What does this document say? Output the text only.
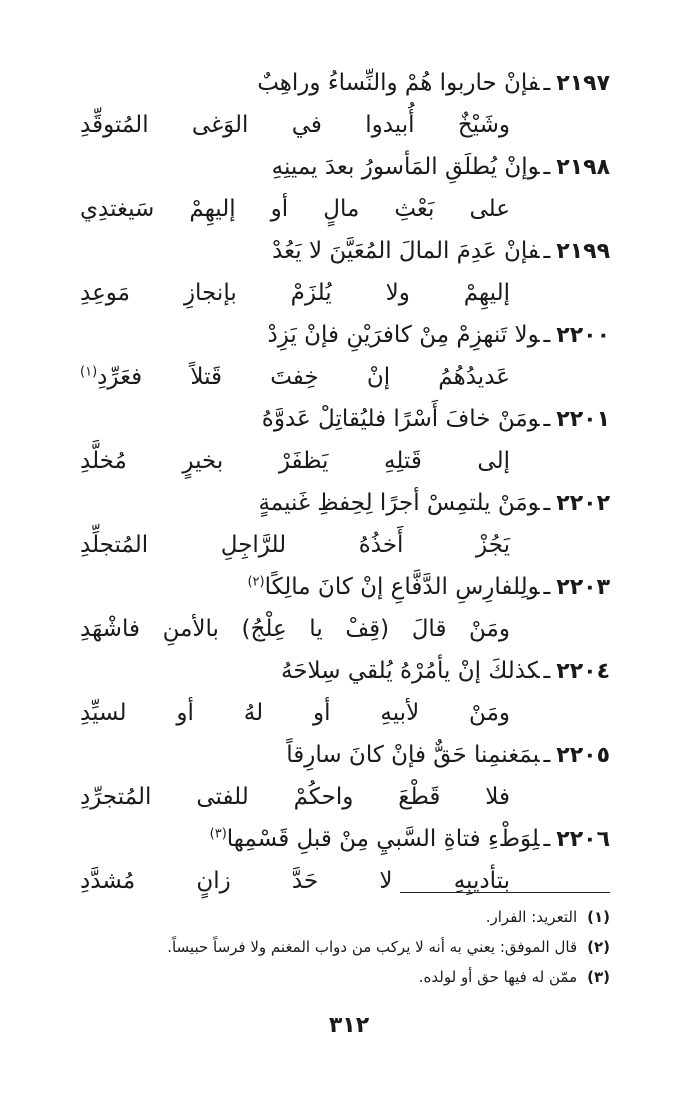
٢١٩٧ـفإنْ حاربوا هُمْ والنِّساءُ وراهِبٌ
وشَيْخٌ أُبيدوا في الوَغى المُتوقِّدِ
٢١٩٨ـوإنْ يُطلَقِ المَأسورُ بعدَ يمينِهِ
على بَعْثِ مالٍ أو إليهِمْ سَيغتدِي
٢١٩٩ـفإنْ عَدِمَ المالَ المُعَيَّنَ لا يَعُدْ
إليهِمْ ولا يُلزَمْ بإنجازِ مَوعِدِ
٢٢٠٠ـولا تَنهزِمْ مِنْ كافرَيْنِ فإنْ يَزِدْ
عَديدُهُمُ إنْ خِفتَ قَتلاً فعَرِّدِ$^{(١)}$
٢٢٠١ـومَنْ خافَ أَسْرًا فليُقاتِلْ عَدوَّهُ
إلى قَتلِهِ يَظفَرْ بخيرٍ مُخلَّدِ
٢٢٠٢ـومَنْ يلتمِسْ أجرًا لِحِفظِ غَنيمةٍ
يَجُزْ أَخذُهُ للرَّاجِلِ المُتجلِّدِ
٢٢٠٣ـولِلفارِسِ الدَّفَّاعِ إنْ كانَ مالِكًا$^{(٢)}$
ومَنْ قالَ (قِفْ يا عِلْجُ) بالأمنِ فاشْهَدِ
٢٢٠٤ـكذلكَ إنْ يأمُرْهُ يُلقي سِلاحَهُ
ومَنْ لأبيهِ أو لهُ أو لسيِّدِ
٢٢٠٥ـبمَغنمِنا حَقٌّ فإنْ كانَ سارِقاً
فلا قَطْعَ واحكُمْ للفتى المُتجرِّدِ
٢٢٠٦ـلِوَطْءِ فتاةِ السَّبيِ مِنْ قبلِ قَسْمِها$^{(٣)}$
بتأديبِهِ لا حَدَّ زانٍ مُشدَّدِ
(١)التعريد: الفرار.
(٢)قال الموفق: يعني به أنه لا يركب من دواب المغنم ولا فرساً حبيساً.
(٣)ممّن له فيها حق أو لولده.
٣١٢
